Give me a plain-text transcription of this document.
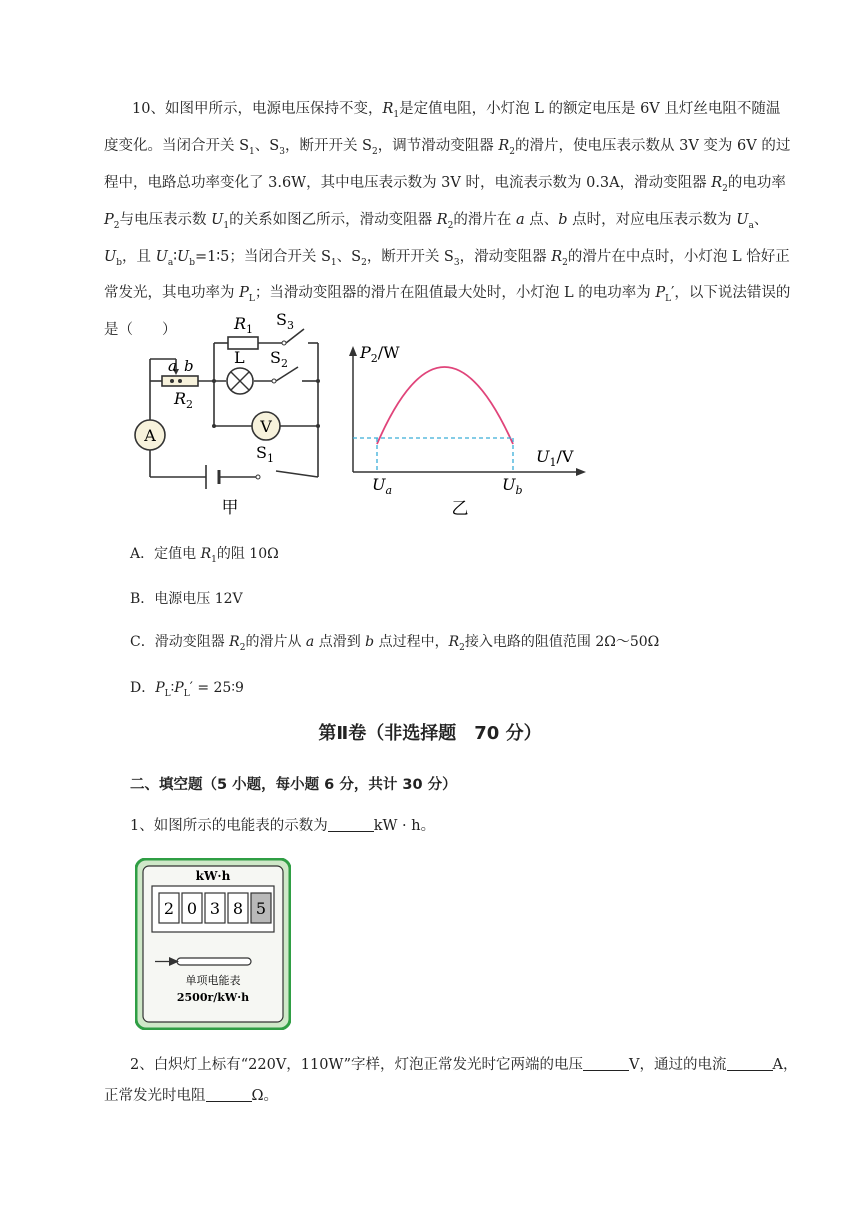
10、如图甲所示，电源电压保持不变，$R_1$是定值电阻，小灯泡 L 的额定电压是 6V 且灯丝电阻不随温度变化。当闭合开关 $S_1$、$S_3$，断开开关 $S_2$，调节滑动变阻器 $R_2$的滑片，使电压表示数从 3V 变为 6V 的过程中，电路总功率变化了 3.6W，其中电压表示数为 3V 时，电流表示数为 0.3A，滑动变阻器 $R_2$的电功率 $P_2$与电压表示数 $U_1$的关系如图乙所示，滑动变阻器 $R_2$的滑片在 a 点、b 点时，对应电压表示数为 $U_a$、$U_b$，且 $U_a∶U_b=1∶5$；当闭合开关 $S_1$、$S_2$，断开开关 $S_3$，滑动变阻器 $R_2$的滑片在中点时，小灯泡 L 恰好正常发光，其电功率为 $P_L$；当滑动变阻器的滑片在阻值最大处时，小灯泡 L 的电功率为 $P_L'$，以下说法错误的是（　　）
V
A
$R_1$
$S_3$
L $S_2$
a b
$R_2$
$S_1$
甲
$P_2/W$
$U_1/V$
$U_a$	$U_b$
乙
A．定值电 $R_1$的阻 10Ω
B．电源电压 12V
C．滑动变阻器 $R_2$的滑片从 a 点滑到 b 点过程中，$R_2$接入电路的阻值范围 2Ω～50Ω
D．$P_L∶P_L'$ = 25∶9
第Ⅱ卷（非选择题　70 分）
二、填空题（5 小题，每小题 6 分，共计 30 分）
1、如图所示的电能表的示数为	kW · h。
kW·h
2 0 3 8 5
单项电能表
2500r/kW·h
2、白炽灯上标有“220V，110W”字样，灯泡正常发光时它两端的电压	V，通过的电流	A，正常发光时电阻	Ω。
